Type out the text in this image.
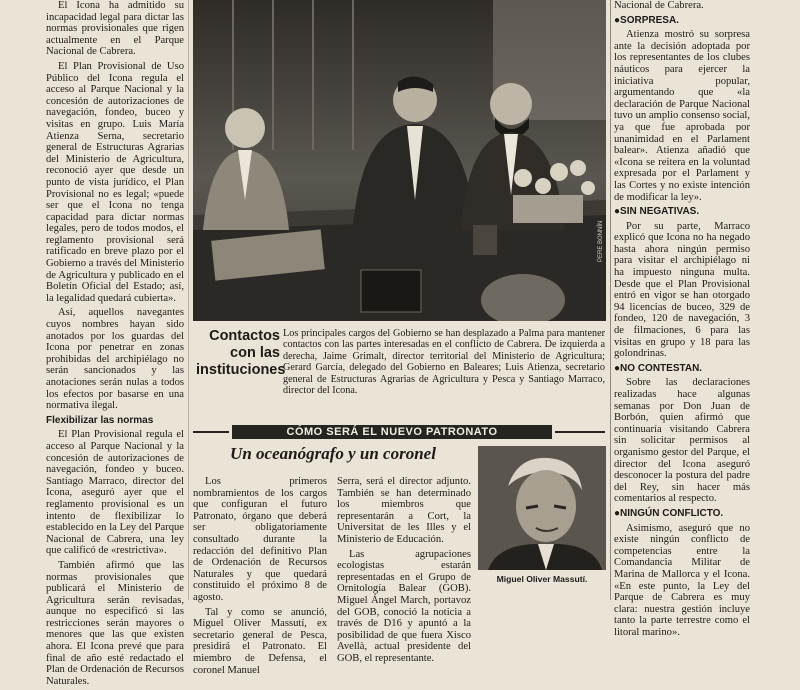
El Icona ha admitido su incapacidad legal para dictar las normas provisionales que rigen actualmente en el Parque Nacional de Cabrera.

El Plan Provisional de Uso Público del Icona regula el acceso al Parque Nacional y la concesión de autorizaciones de navegación, fondeo, buceo y visitas en grupo. Luis María Atienza Serna, secretario general de Estructuras Agrarias del Ministerio de Agricultura, reconoció ayer que desde un punto de vista jurídico, el Plan Provisional no es legal; «puede ser que el Icona no tenga capacidad para dictar normas legales, pero de todos modos, el reglamento provisional será ratificado en breve plazo por el Gobierno a través del Ministerio de Agricultura y publicado en el Boletín Oficial del Estado; así, la legalidad quedará cubierta».

Así, aquellos navegantes cuyos nombres hayan sido anotados por los guardas del Icona por penetrar en zonas prohibidas del archipiélago no serán sancionados y las anotaciones serán nulas a todos los efectos por basarse en una normativa ilegal.

Flexibilizar las normas

El Plan Provisional regula el acceso al Parque Nacional y la concesión de autorizaciones de navegación, fondeo y buceo. Santiago Marraco, director del Icona, aseguró ayer que el reglamento provisional es un intento de flexibilizar lo establecido en la Ley del Parque Nacional de Cabrera, una ley que calificó de «restrictiva».

También afirmó que las normas provisionales que publicará el Ministerio de Agricultura serán revisadas, aunque no especificó si las restricciones serán mayores o menores que las que existen ahora. El Icona prevé que para final de año esté redactado el Plan de Ordenación de Recursos Naturales.

PERE BONNÍN
Contactos con las instituciones
Los principales cargos del Gobierno se han desplazado a Palma para mantener contactos con las partes interesadas en el conflicto de Cabrera. De izquierda a derecha, Jaime Grimalt, director territorial del Ministerio de Agricultura; Gerard García, delegado del Gobierno en Baleares; Luis Atienza, secretario general de Estructuras Agrarias de Agricultura y Pesca y Santiago Marraco, director del Icona.
CÓMO SERÁ EL NUEVO PATRONATO
Un oceanógrafo y un coronel

Los primeros nombramientos de los cargos que configuran el futuro Patronato, órgano que deberá ser obligatoriamente consultado durante la redacción del definitivo Plan de Ordenación de Recursos Naturales y que quedará constituido el próximo 8 de agosto.

Tal y como se anunció, Miguel Oliver Massutí, ex secretario general de Pesca, presidirá el Patronato. El miembro de Defensa, el coronel Manuel

Serra, será el director adjunto. También se han determinado los miembros que representarán a Cort, la Universitat de les Illes y el Ministerio de Educación.

Las agrupaciones ecologistas estarán representadas en el Grupo de Ornitología Balear (GOB). Miguel Ángel March, portavoz del GOB, conoció la noticia a través de D16 y apuntó a la posibilidad de que fuera Xisco Avellà, actual presidente del GOB, el representante.

Miguel Oliver Massutí.

Nacional de Cabrera.

●SORPRESA.

Atienza mostró su sorpresa ante la decisión adoptada por los representantes de los clubes náuticos para ejercer la iniciativa popular, argumentando que «la declaración de Parque Nacional tuvo un amplio consenso social, ya que fue aprobada por unanimidad en el Parlament balear». Atienza añadió que «Icona se reitera en la voluntad expresada por el Parlament y las Cortes y no existe intención de modificar la ley».

●SIN NEGATIVAS.

Por su parte, Marraco explicó que Icona no ha negado hasta ahora ningún permiso para visitar el archipiélago ni ha impuesto ninguna multa. Desde que el Plan Provisional entró en vigor se han otorgado 94 licencias de buceo, 329 de fondeo, 120 de navegación, 3 de filmaciones, 6 para las visitas en grupo y 18 para las golondrinas.

●NO CONTESTAN.

Sobre las declaraciones realizadas hace algunas semanas por Don Juan de Borbón, quien afirmó que continuaría visitando Cabrera sin solicitar permisos al organismo gestor del Parque, el director del Icona aseguró desconocer la postura del padre del Rey, sin hacer más comentarios al respecto.

●NINGÚN CONFLICTO.

Asimismo, aseguró que no existe ningún conflicto de competencias entre la Comandancia Militar de Marina de Mallorca y el Icona. «En este punto, la Ley del Parque de Cabrera es muy clara: nuestra gestión incluye tanto la parte terrestre como el litoral marino».
